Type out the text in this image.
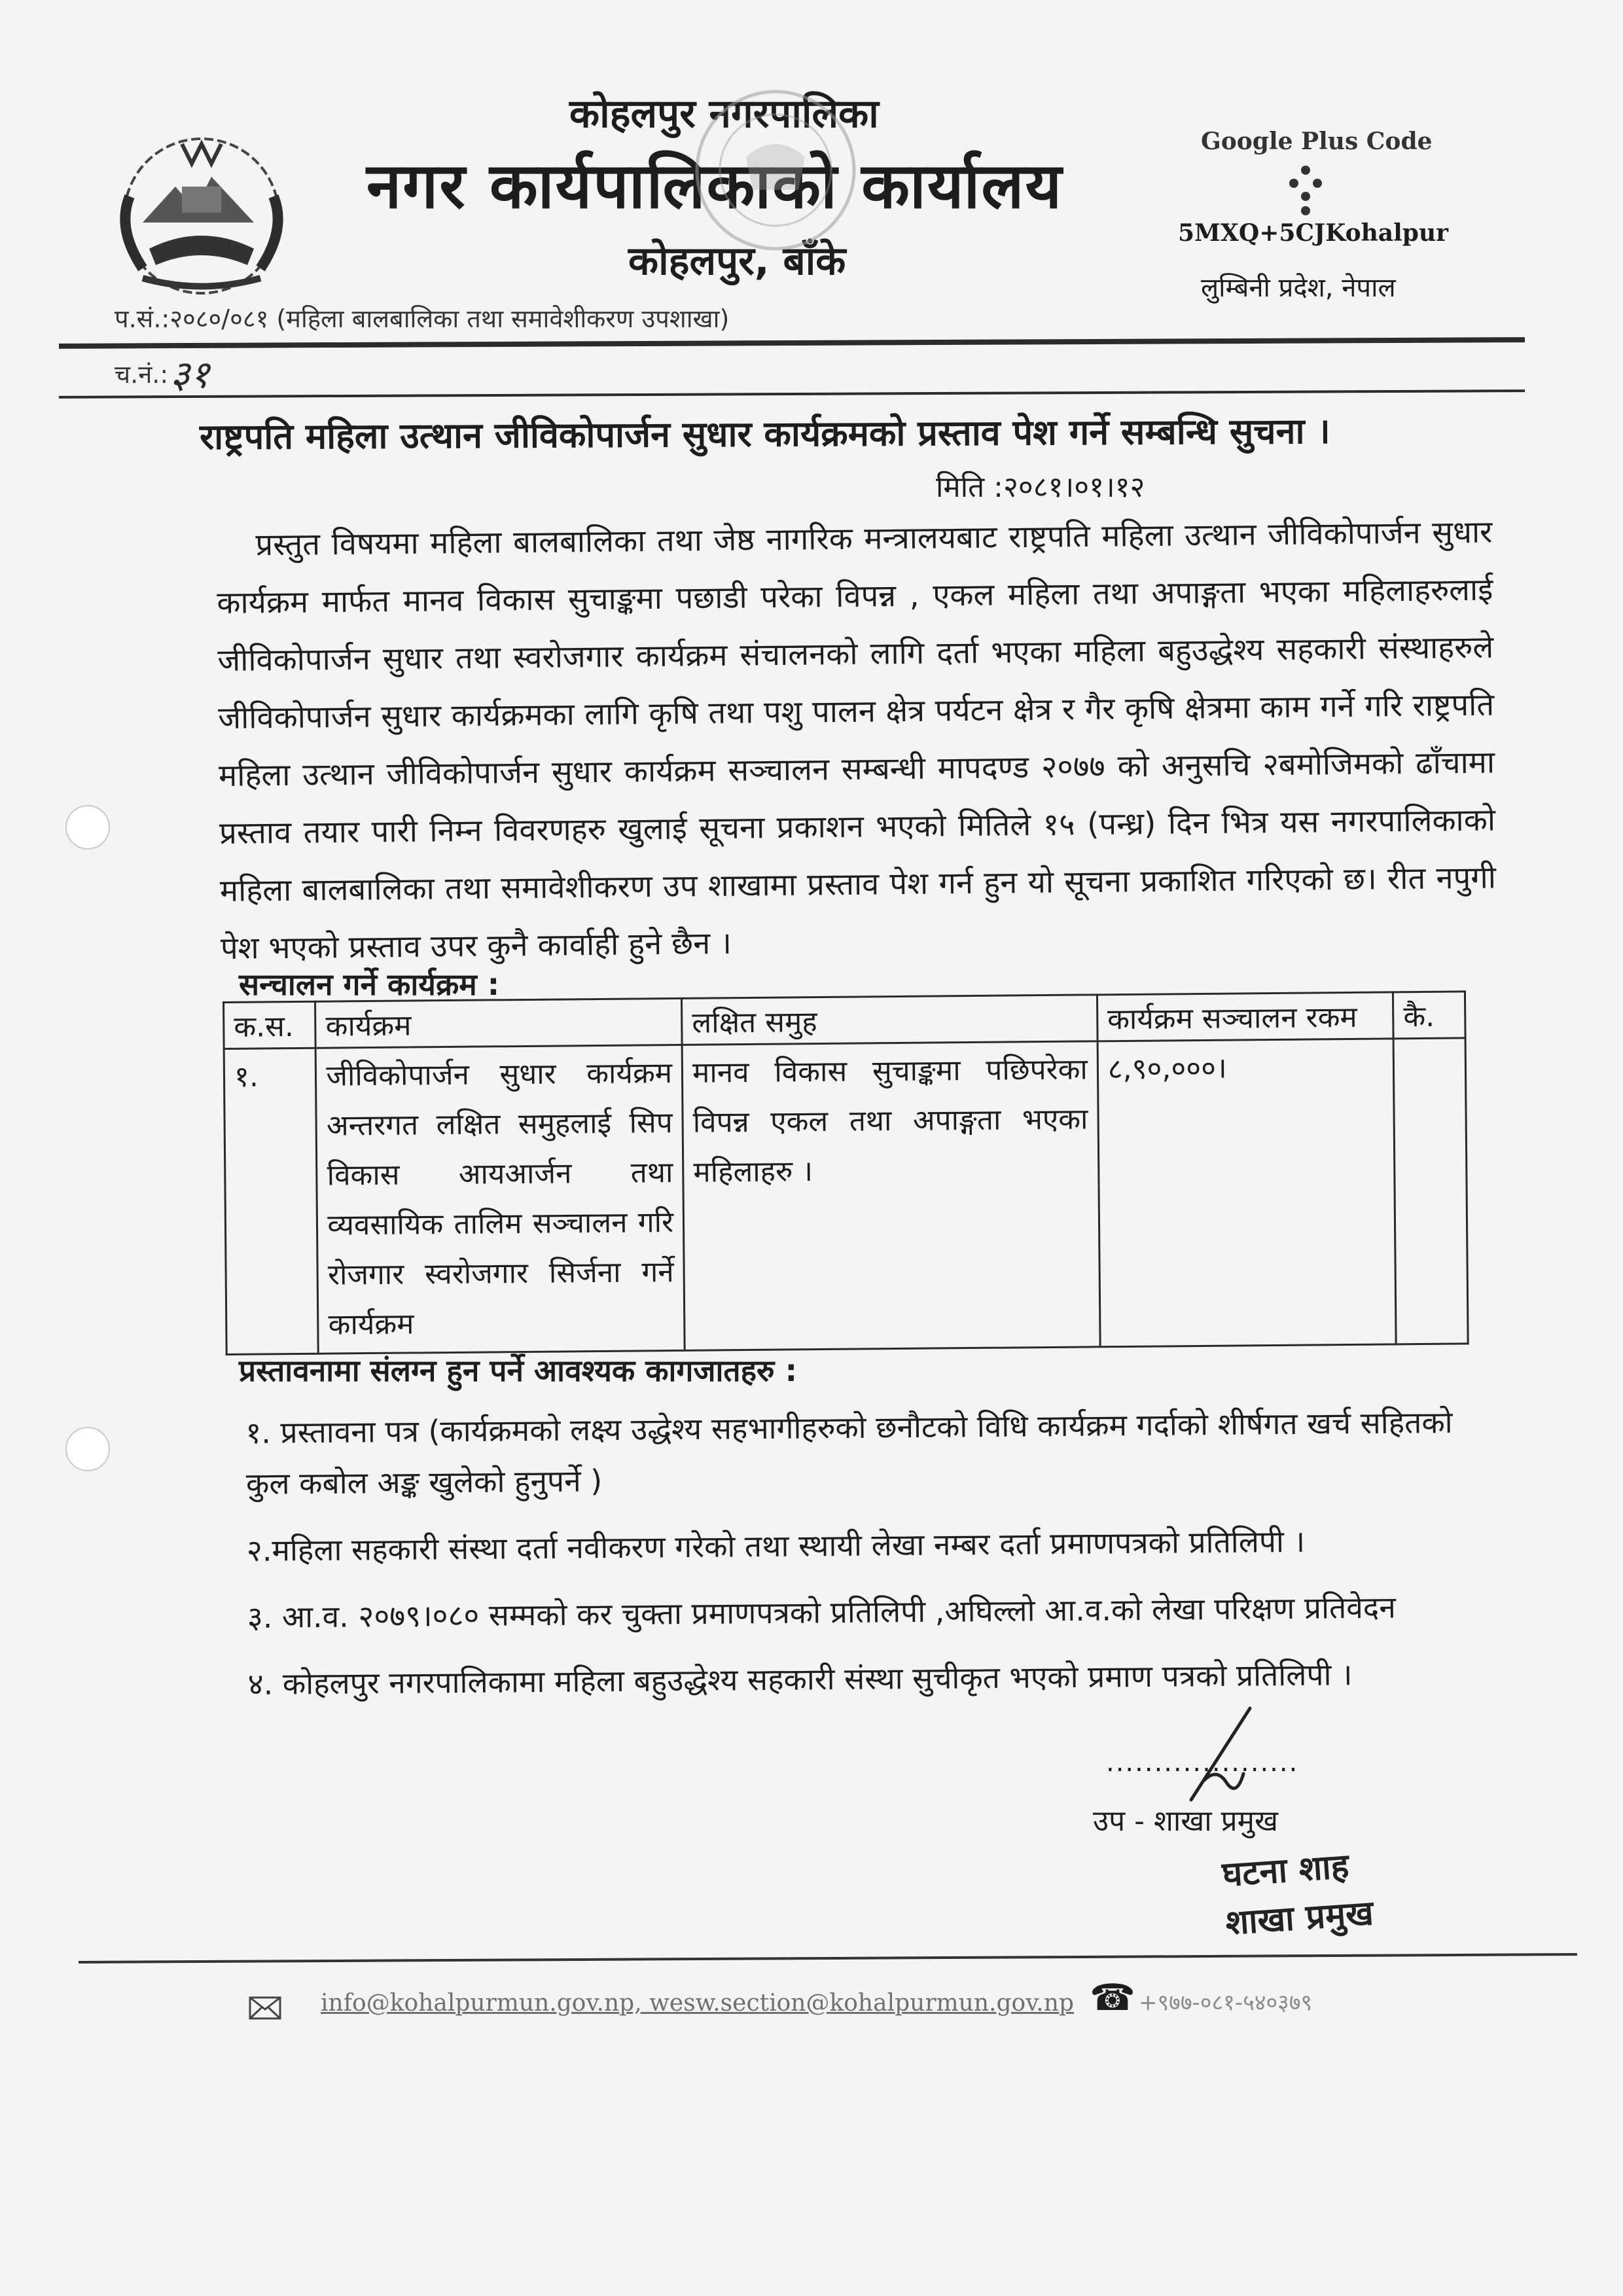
कोहलपुर नगरपालिका
नगर कार्यपालिकाको कार्यालय
कोहलपुर, बाँके
Google Plus Code
5MXQ+5CJKohalpur
लुम्बिनी प्रदेश, नेपाल
प.सं.:२०८०/०८१ (महिला बालबालिका तथा समावेशीकरण उपशाखा)
च.नं.: ३१
राष्ट्रपति महिला उत्थान जीविकोपार्जन सुधार कार्यक्रमको प्रस्ताव पेश गर्ने सम्बन्धि सुचना ।
मिति :२०८१।०१।१२
प्रस्तुत विषयमा महिला बालबालिका तथा जेष्ठ नागरिक मन्त्रालयबाट राष्ट्रपति महिला उत्थान जीविकोपार्जन सुधार कार्यक्रम मार्फत मानव विकास सुचाङ्कमा पछाडी परेका विपन्न , एकल महिला तथा अपाङ्गता भएका महिलाहरुलाई जीविकोपार्जन सुधार तथा स्वरोजगार कार्यक्रम संचालनको लागि दर्ता भएका महिला बहुउद्धेश्य सहकारी संस्थाहरुले जीविकोपार्जन सुधार कार्यक्रमका लागि कृषि तथा पशु पालन क्षेत्र पर्यटन क्षेत्र र गैर कृषि क्षेत्रमा काम गर्ने गरि राष्ट्रपति महिला उत्थान जीविकोपार्जन सुधार कार्यक्रम सञ्चालन सम्बन्धी मापदण्ड २०७७ को अनुसचि २बमोजिमको ढाँचामा प्रस्ताव तयार पारी निम्न विवरणहरु खुलाई सूचना प्रकाशन भएको मितिले १५ (पन्ध्र) दिन भित्र यस नगरपालिकाको महिला बालबालिका तथा समावेशीकरण उप शाखामा प्रस्ताव पेश गर्न हुन यो सूचना प्रकाशित गरिएको छ। रीत नपुगी पेश भएको प्रस्ताव उपर कुनै कार्वाही हुने छैन ।
सन्चालन गर्ने कार्यक्रम :
क.स.	कार्यक्रम	लक्षित समुह	कार्यक्रम सञ्चालन रकम	कै.
१.	जीविकोपार्जन सुधार कार्यक्रम अन्तरगत लक्षित समुहलाई सिप विकास आयआर्जन तथा व्यवसायिक तालिम सञ्चालन गरि रोजगार स्वरोजगार सिर्जना गर्ने कार्यक्रम	मानव विकास सुचाङ्कमा पछिपरेका विपन्न एकल तथा अपाङ्गता भएका महिलाहरु ।	८,९०,०००।	
प्रस्तावनामा संलग्न हुन पर्ने आवश्यक कागजातहरु :
१. प्रस्तावना पत्र (कार्यक्रमको लक्ष्य उद्धेश्य सहभागीहरुको छनौटको विधि कार्यक्रम गर्दाको शीर्षगत खर्च सहितको कुल कबोल अङ्क खुलेको हुनुपर्ने )
२.महिला सहकारी संस्था दर्ता नवीकरण गरेको तथा स्थायी लेखा नम्बर दर्ता प्रमाणपत्रको प्रतिलिपी ।
३. आ.व. २०७९।०८० सम्मको कर चुक्ता प्रमाणपत्रको प्रतिलिपी ,अघिल्लो आ.व.को लेखा परिक्षण प्रतिवेदन
४. कोहलपुर नगरपालिकामा महिला बहुउद्धेश्य सहकारी संस्था सुचीकृत भएको प्रमाण पत्रको प्रतिलिपी ।
....................
उप - शाखा प्रमुख
घटना शाह
शाखा प्रमुख
info@kohalpurmun.gov.np, wesw.section@kohalpurmun.gov.np ☎ +९७७-०८१-५४०३७९
